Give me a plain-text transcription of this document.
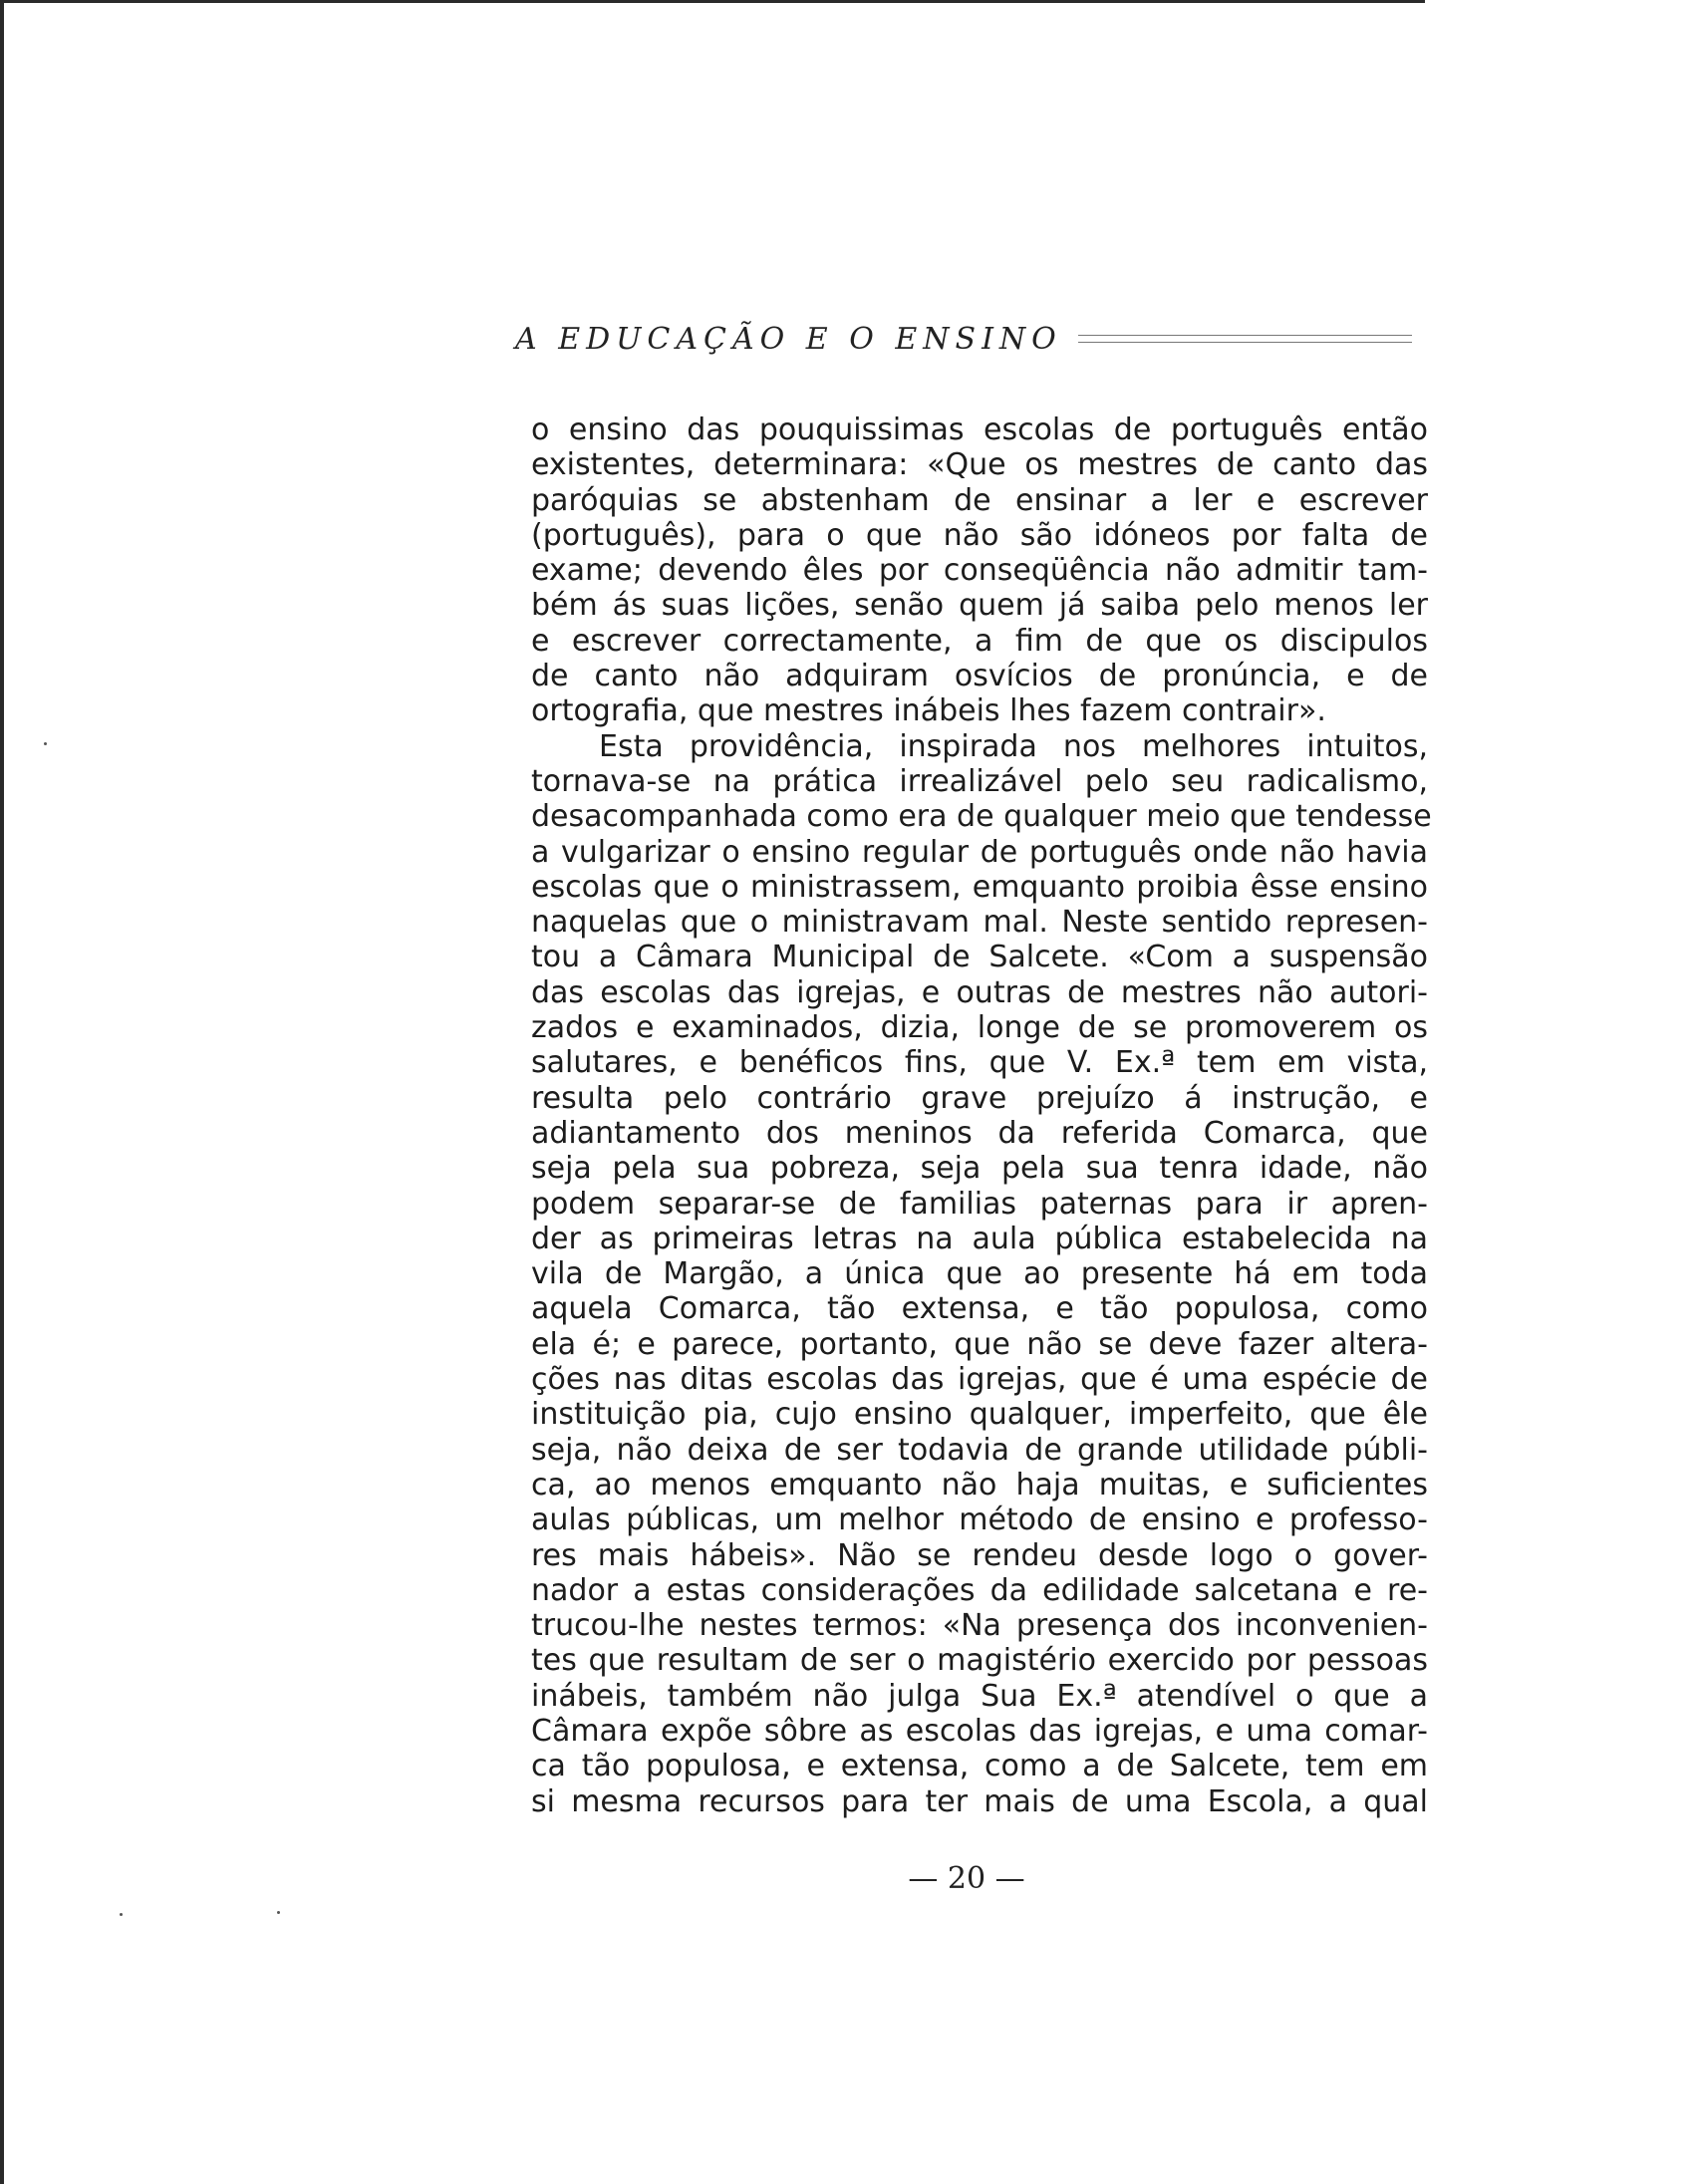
A EDUCAÇÃO E O ENSINO
o ensino das pouquissimas escolas de português então
existentes, determinara: «Que os mestres de canto das
paróquias se abstenham de ensinar a ler e escrever
(português), para o que não são idóneos por falta de
exame; devendo êles por conseqüência não admitir tam-
bém ás suas lições, senão quem já saiba pelo menos ler
e escrever correctamente, a fim de que os discipulos
de canto não adquiram osvícios de pronúncia, e de
ortografia, que mestres inábeis lhes fazem contrair».
Esta providência, inspirada nos melhores intuitos,
tornava-se na prática irrealizável pelo seu radicalismo,
desacompanhada como era de qualquer meio que tendesse
a vulgarizar o ensino regular de português onde não havia
escolas que o ministrassem, emquanto proibia êsse ensino
naquelas que o ministravam mal. Neste sentido represen-
tou a Câmara Municipal de Salcete. «Com a suspensão
das escolas das igrejas, e outras de mestres não autori-
zados e examinados, dizia, longe de se promoverem os
salutares, e benéficos fins, que V. Ex.ª tem em vista,
resulta pelo contrário grave prejuízo á instrução, e
adiantamento dos meninos da referida Comarca, que
seja pela sua pobreza, seja pela sua tenra idade, não
podem separar-se de familias paternas para ir apren-
der as primeiras letras na aula pública estabelecida na
vila de Margão, a única que ao presente há em toda
aquela Comarca, tão extensa, e tão populosa, como
ela é; e parece, portanto, que não se deve fazer altera-
ções nas ditas escolas das igrejas, que é uma espécie de
instituição pia, cujo ensino qualquer, imperfeito, que êle
seja, não deixa de ser todavia de grande utilidade públi-
ca, ao menos emquanto não haja muitas, e suficientes
aulas públicas, um melhor método de ensino e professo-
res mais hábeis». Não se rendeu desde logo o gover-
nador a estas considerações da edilidade salcetana e re-
trucou-lhe nestes termos: «Na presença dos inconvenien-
tes que resultam de ser o magistério exercido por pessoas
inábeis, também não julga Sua Ex.ª atendível o que a
Câmara expõe sôbre as escolas das igrejas, e uma comar-
ca tão populosa, e extensa, como a de Salcete, tem em
si mesma recursos para ter mais de uma Escola, a qual
— 20 —
